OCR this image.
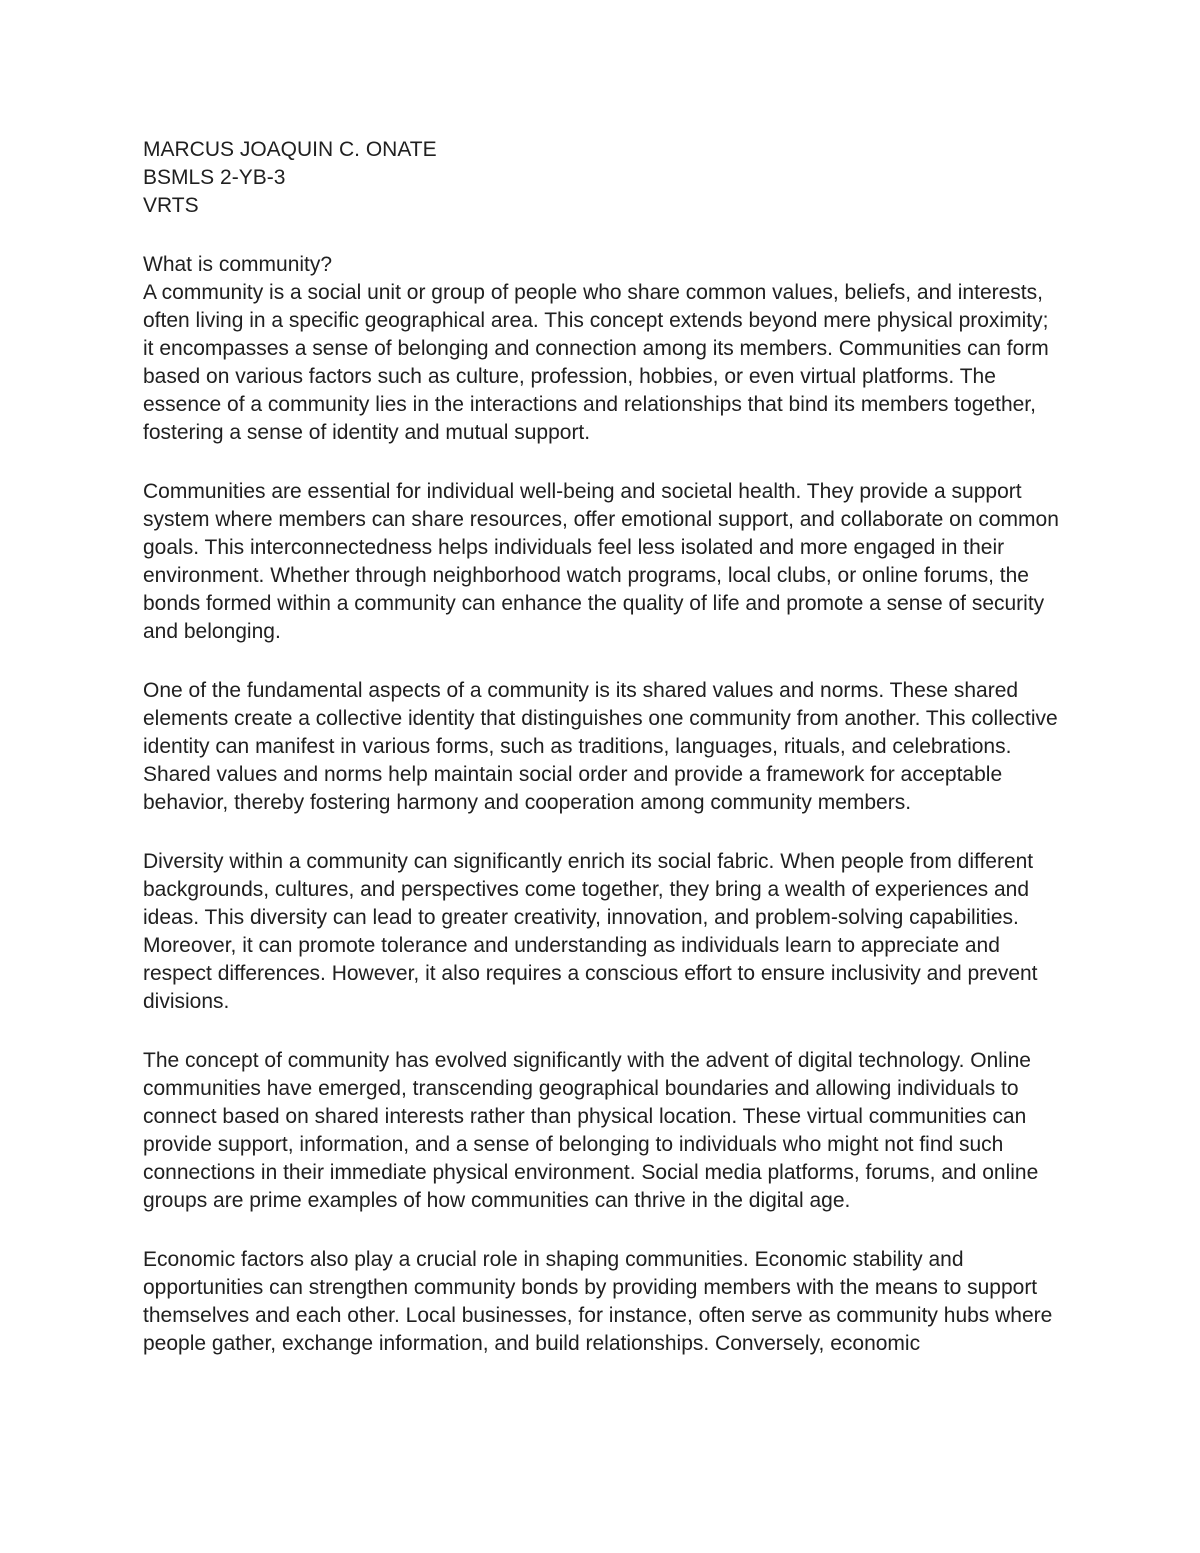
MARCUS JOAQUIN C. ONATE

BSMLS 2-YB-3

VRTS

What is community?

A community is a social unit or group of people who share common values, beliefs, and interests, often living in a specific geographical area. This concept extends beyond mere physical proximity; it encompasses a sense of belonging and connection among its members. Communities can form based on various factors such as culture, profession, hobbies, or even virtual platforms. The essence of a community lies in the interactions and relationships that bind its members together, fostering a sense of identity and mutual support.

Communities are essential for individual well-being and societal health. They provide a support system where members can share resources, offer emotional support, and collaborate on common goals. This interconnectedness helps individuals feel less isolated and more engaged in their environment. Whether through neighborhood watch programs, local clubs, or online forums, the bonds formed within a community can enhance the quality of life and promote a sense of security and belonging.

One of the fundamental aspects of a community is its shared values and norms. These shared elements create a collective identity that distinguishes one community from another. This collective identity can manifest in various forms, such as traditions, languages, rituals, and celebrations. Shared values and norms help maintain social order and provide a framework for acceptable behavior, thereby fostering harmony and cooperation among community members.

Diversity within a community can significantly enrich its social fabric. When people from different backgrounds, cultures, and perspectives come together, they bring a wealth of experiences and ideas. This diversity can lead to greater creativity, innovation, and problem-solving capabilities. Moreover, it can promote tolerance and understanding as individuals learn to appreciate and respect differences. However, it also requires a conscious effort to ensure inclusivity and prevent divisions.

The concept of community has evolved significantly with the advent of digital technology. Online communities have emerged, transcending geographical boundaries and allowing individuals to connect based on shared interests rather than physical location. These virtual communities can provide support, information, and a sense of belonging to individuals who might not find such connections in their immediate physical environment. Social media platforms, forums, and online groups are prime examples of how communities can thrive in the digital age.

Economic factors also play a crucial role in shaping communities. Economic stability and opportunities can strengthen community bonds by providing members with the means to support themselves and each other. Local businesses, for instance, often serve as community hubs where people gather, exchange information, and build relationships. Conversely, economic
